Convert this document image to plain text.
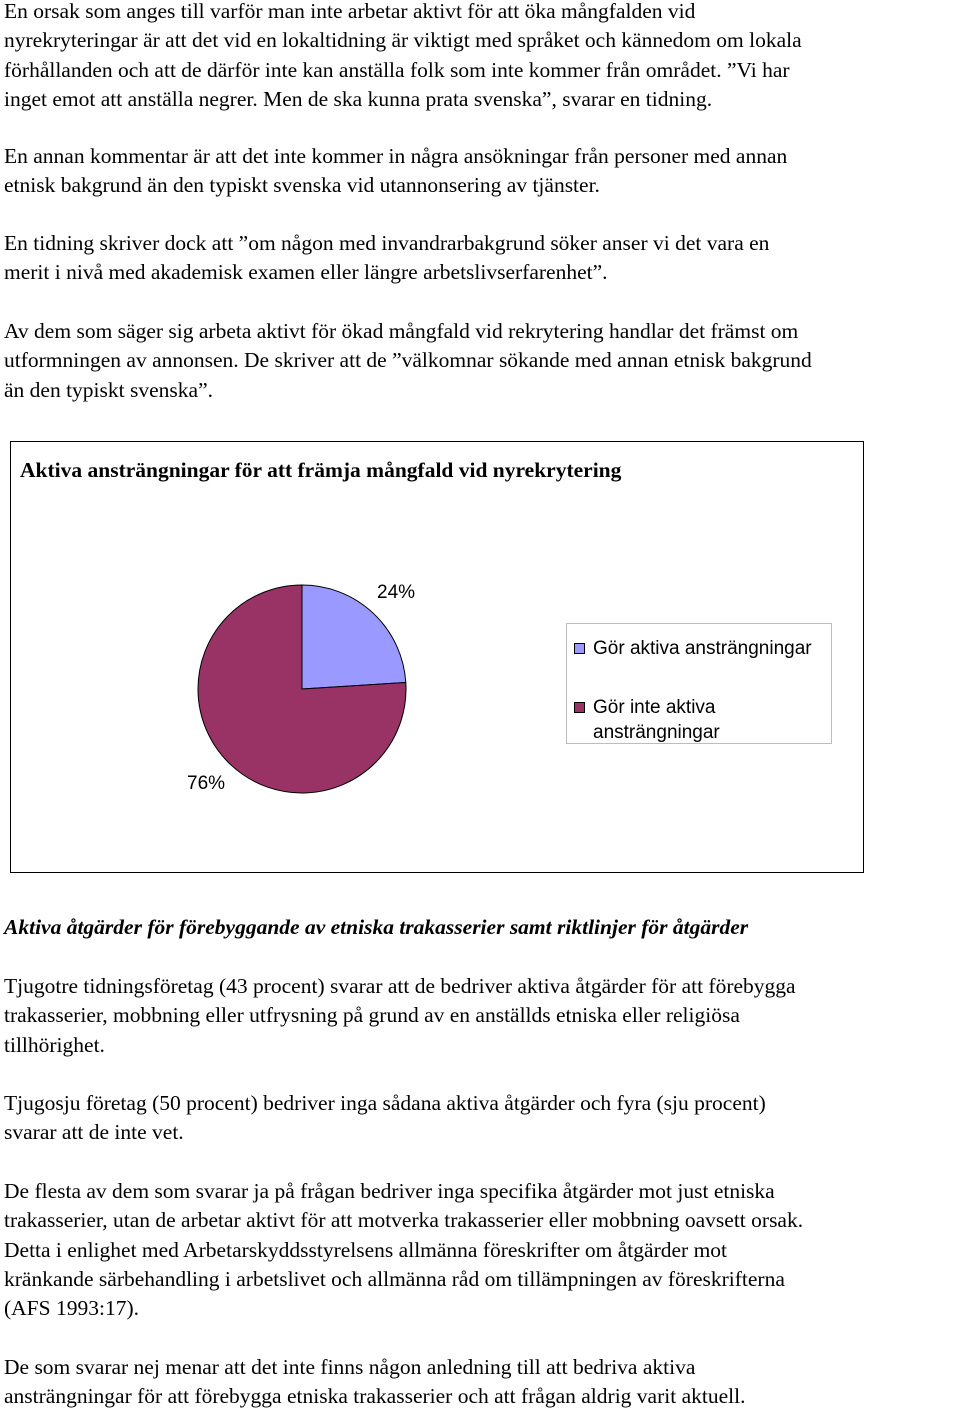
En orsak som anges till varför man inte arbetar aktivt för att öka mångfalden vid
nyrekryteringar är att det vid en lokaltidning är viktigt med språket och kännedom om lokala
förhållanden och att de därför inte kan anställa folk som inte kommer från området. ”Vi har
inget emot att anställa negrer. Men de ska kunna prata svenska”, svarar en tidning.
En annan kommentar är att det inte kommer in några ansökningar från personer med annan
etnisk bakgrund än den typiskt svenska vid utannonsering av tjänster.
En tidning skriver dock att ”om någon med invandrarbakgrund söker anser vi det vara en
merit i nivå med akademisk examen eller längre arbetslivserfarenhet”.
Av dem som säger sig arbeta aktivt för ökad mångfald vid rekrytering handlar det främst om
utformningen av annonsen. De skriver att de ”välkomnar sökande med annan etnisk bakgrund
än den typiskt svenska”.
Aktiva ansträngningar för att främja mångfald vid nyrekrytering
24%
76%
Gör aktiva ansträngningar
Gör inte aktiva
ansträngningar
Aktiva åtgärder för förebyggande av etniska trakasserier samt riktlinjer för åtgärder
Tjugotre tidningsföretag (43 procent) svarar att de bedriver aktiva åtgärder för att förebygga
trakasserier, mobbning eller utfrysning på grund av en anställds etniska eller religiösa
tillhörighet.
Tjugosju företag (50 procent) bedriver inga sådana aktiva åtgärder och fyra (sju procent)
svarar att de inte vet.
De flesta av dem som svarar ja på frågan bedriver inga specifika åtgärder mot just etniska
trakasserier, utan de arbetar aktivt för att motverka trakasserier eller mobbning oavsett orsak.
Detta i enlighet med Arbetarskyddsstyrelsens allmänna föreskrifter om åtgärder mot
kränkande särbehandling i arbetslivet och allmänna råd om tillämpningen av föreskrifterna
(AFS 1993:17).
De som svarar nej menar att det inte finns någon anledning till att bedriva aktiva
ansträngningar för att förebygga etniska trakasserier och att frågan aldrig varit aktuell.
